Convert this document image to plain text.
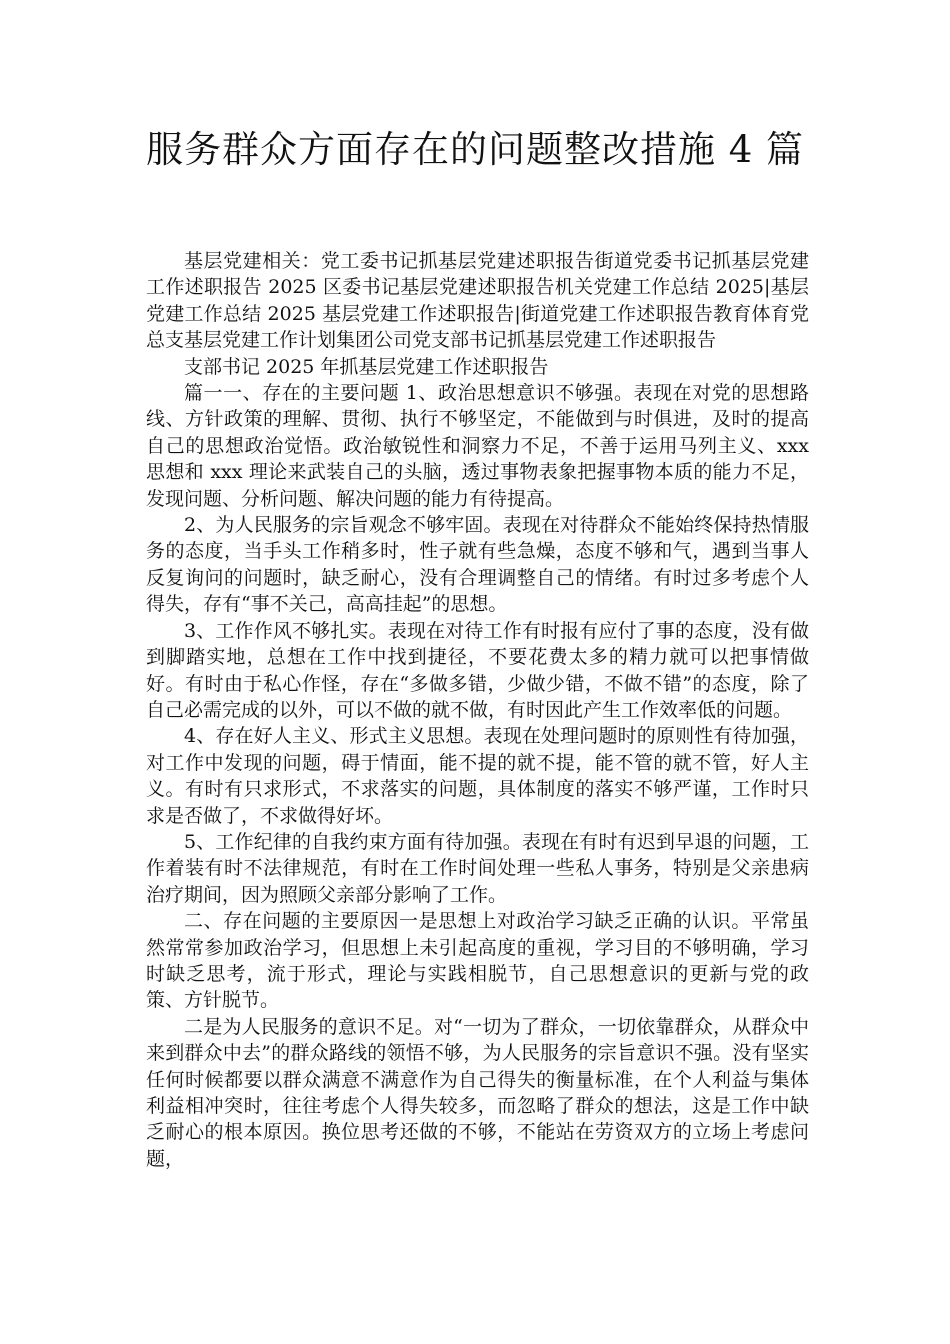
服务群众方面存在的问题整改措施 4 篇

基层党建相关：党工委书记抓基层党建述职报告街道党委书记抓基层党建工作述职报告 2025 区委书记基层党建述职报告机关党建工作总结 2025|基层党建工作总结 2025 基层党建工作述职报告|街道党建工作述职报告教育体育党总支基层党建工作计划集团公司党支部书记抓基层党建工作述职报告

支部书记 2025 年抓基层党建工作述职报告

篇一一、存在的主要问题 1、政治思想意识不够强。表现在对党的思想路线、方针政策的理解、贯彻、执行不够坚定，不能做到与时俱进，及时的提高自己的思想政治觉悟。政治敏锐性和洞察力不足，不善于运用马列主义、xxx 思想和 xxx 理论来武装自己的头脑，透过事物表象把握事物本质的能力不足，发现问题、分析问题、解决问题的能力有待提高。

2、为人民服务的宗旨观念不够牢固。表现在对待群众不能始终保持热情服务的态度，当手头工作稍多时，性子就有些急燥，态度不够和气，遇到当事人反复询问的问题时，缺乏耐心，没有合理调整自己的情绪。有时过多考虑个人得失，存有“事不关己，高高挂起”的思想。

3、工作作风不够扎实。表现在对待工作有时报有应付了事的态度，没有做到脚踏实地，总想在工作中找到捷径，不要花费太多的精力就可以把事情做好。有时由于私心作怪，存在“多做多错，少做少错，不做不错”的态度，除了自己必需完成的以外，可以不做的就不做，有时因此产生工作效率低的问题。

4、存在好人主义、形式主义思想。表现在处理问题时的原则性有待加强，对工作中发现的问题，碍于情面，能不提的就不提，能不管的就不管，好人主义。有时有只求形式，不求落实的问题，具体制度的落实不够严谨，工作时只求是否做了，不求做得好坏。

5、工作纪律的自我约束方面有待加强。表现在有时有迟到早退的问题，工作着装有时不法律规范，有时在工作时间处理一些私人事务，特别是父亲患病治疗期间，因为照顾父亲部分影响了工作。

二、存在问题的主要原因一是思想上对政治学习缺乏正确的认识。平常虽然常常参加政治学习，但思想上未引起高度的重视，学习目的不够明确，学习时缺乏思考，流于形式，理论与实践相脱节，自己思想意识的更新与党的政策、方针脱节。

二是为人民服务的意识不足。对“一切为了群众，一切依靠群众，从群众中来到群众中去”的群众路线的领悟不够，为人民服务的宗旨意识不强。没有坚实任何时候都要以群众满意不满意作为自己得失的衡量标准，在个人利益与集体利益相冲突时，往往考虑个人得失较多，而忽略了群众的想法，这是工作中缺乏耐心的根本原因。换位思考还做的不够，不能站在劳资双方的立场上考虑问题，
